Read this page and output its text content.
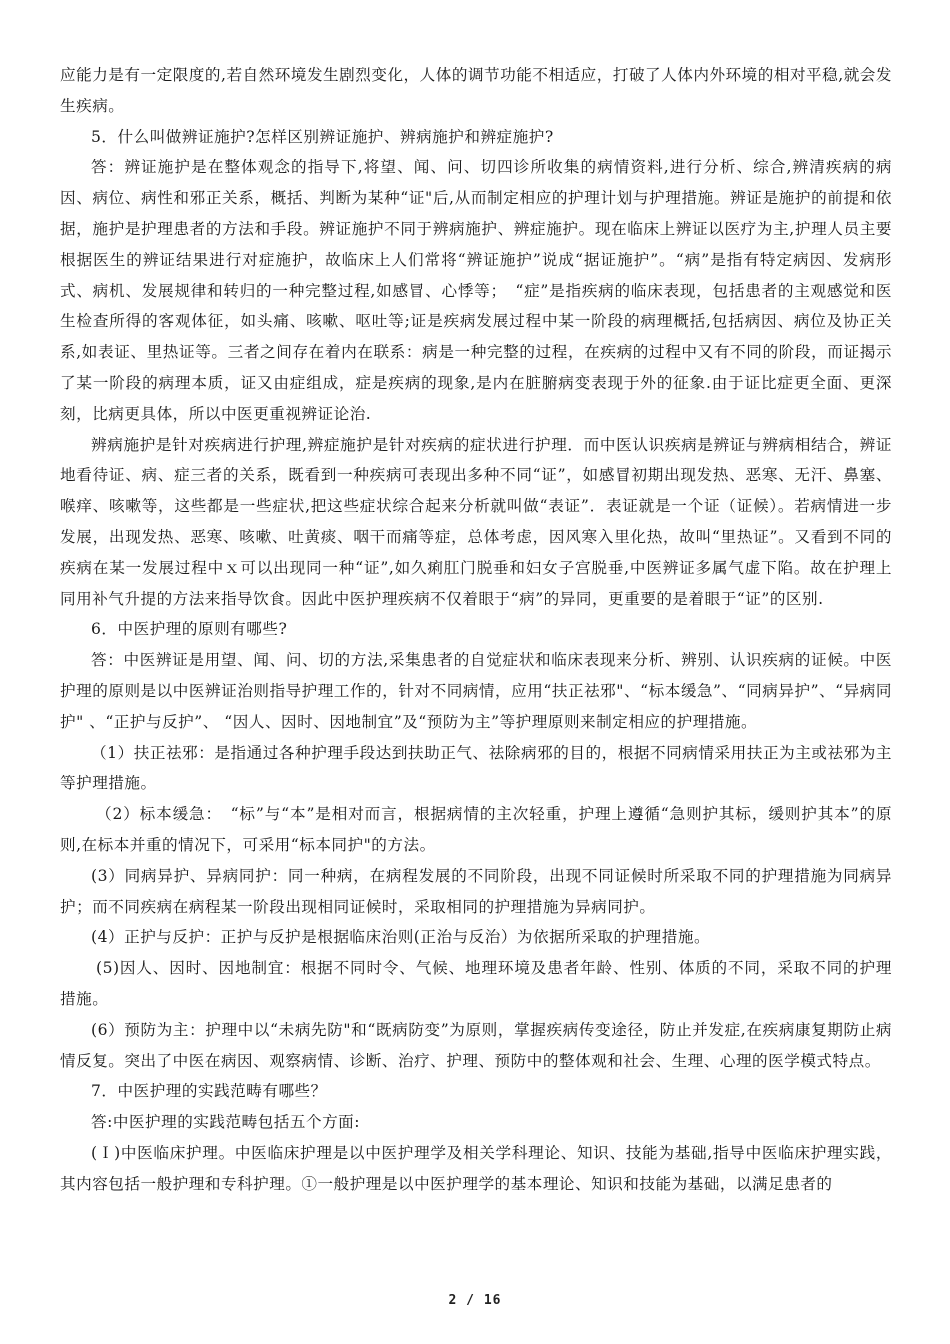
应能力是有一定限度的,若自然环境发生剧烈变化，人体的调节功能不相适应，打破了人体内外环境的相对平稳,就会发生疾病。

5．什么叫做辨证施护?怎样区别辨证施护、辨病施护和辨症施护?

答：辨证施护是在整体观念的指导下,将望、闻、问、切四诊所收集的病情资料,进行分析、综合,辨清疾病的病因、病位、病性和邪正关系，概括、判断为某种“证"后,从而制定相应的护理计划与护理措施。辨证是施护的前提和依据，施护是护理患者的方法和手段。辨证施护不同于辨病施护、辨症施护。现在临床上辨证以医疗为主,护理人员主要根据医生的辨证结果进行对症施护，故临床上人们常将“辨证施护”说成“据证施护”。“病”是指有特定病因、发病形式、病机、发展规律和转归的一种完整过程,如感冒、心悸等；　“症”是指疾病的临床表现，包括患者的主观感觉和医生检查所得的客观体征，如头痛、咳嗽、呕吐等;证是疾病发展过程中某一阶段的病理概括,包括病因、病位及协正关系,如表证、里热证等。三者之间存在着内在联系：病是一种完整的过程，在疾病的过程中又有不同的阶段，而证揭示了某一阶段的病理本质，证又由症组成，症是疾病的现象,是内在脏腑病变表现于外的征象.由于证比症更全面、更深刻，比病更具体，所以中医更重视辨证论治.

辨病施护是针对疾病进行护理,辨症施护是针对疾病的症状进行护理．而中医认识疾病是辨证与辨病相结合，辨证地看待证、病、症三者的关系，既看到一种疾病可表现出多种不同“证”，如感冒初期出现发热、恶寒、无汗、鼻塞、喉痒、咳嗽等，这些都是一些症状,把这些症状综合起来分析就叫做“表证”．表证就是一个证（证候）。若病情进一步发展，出现发热、恶寒、咳嗽、吐黄痰、咽干而痛等症，总体考虑，因风寒入里化热，故叫“里热证”。又看到不同的疾病在某一发展过程中ｘ可以出现同一种“证”,如久痢肛门脱垂和妇女子宫脱垂,中医辨证多属气虚下陷。故在护理上同用补气升提的方法来指导饮食。因此中医护理疾病不仅着眼于“病”的异同，更重要的是着眼于“证”的区别.

6．中医护理的原则有哪些?

答：中医辨证是用望、闻、问、切的方法,采集患者的自觉症状和临床表现来分析、辨别、认识疾病的证候。中医护理的原则是以中医辨证治则指导护理工作的，针对不同病情，应用“扶正祛邪"、“标本缓急”、“同病异护”、“异病同护" 、“正护与反护”、 “因人、因时、因地制宜”及“预防为主”等护理原则来制定相应的护理措施。

（1）扶正祛邪：是指通过各种护理手段达到扶助正气、祛除病邪的目的，根据不同病情采用扶正为主或祛邪为主等护理措施。

（2）标本缓急：　“标”与“本”是相对而言，根据病情的主次轻重，护理上遵循“急则护其标，缓则护其本”的原则,在标本并重的情况下，可采用“标本同护"的方法。

(3）同病异护、异病同护：同一种病，在病程发展的不同阶段，出现不同证候时所采取不同的护理措施为同病异护；而不同疾病在病程某一阶段出现相同证候时，采取相同的护理措施为异病同护。

(4）正护与反护：正护与反护是根据临床治则(正治与反治）为依据所采取的护理措施。

(5)因人、因时、因地制宜：根据不同时令、气候、地理环境及患者年龄、性别、体质的不同，采取不同的护理措施。

(6）预防为主：护理中以“未病先防"和“既病防变”为原则，掌握疾病传变途径，防止并发症,在疾病康复期防止病情反复。突出了中医在病因、观察病情、诊断、治疗、护理、预防中的整体观和社会、生理、心理的医学模式特点。

7．中医护理的实践范畴有哪些？

答:中医护理的实践范畴包括五个方面:

(Ｉ)中医临床护理。中医临床护理是以中医护理学及相关学科理论、知识、技能为基础,指导中医临床护理实践，其内容包括一般护理和专科护理。①一般护理是以中医护理学的基本理论、知识和技能为基础，以满足患者的

2 / 16
